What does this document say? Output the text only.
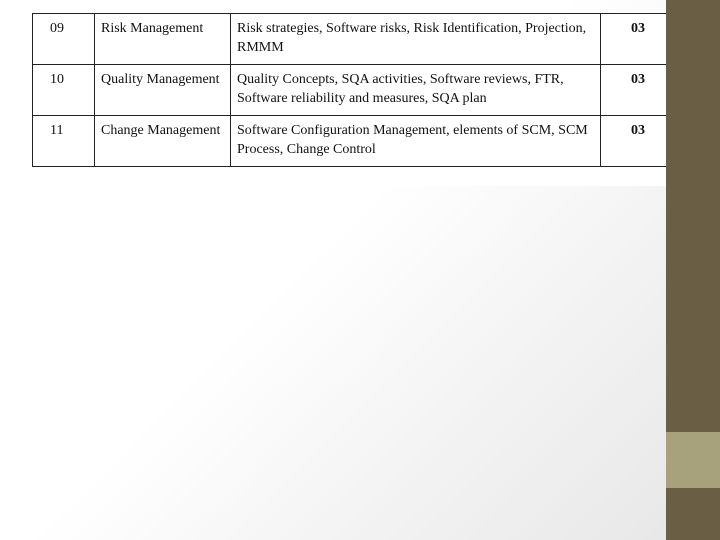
09	Risk Management	Risk strategies, Software risks, Risk Identification, Projection, RMMM	03
10	Quality Management	Quality Concepts, SQA activities, Software reviews, FTR, Software reliability and measures, SQA plan	03
11	Change Management	Software Configuration Management, elements of SCM, SCM Process, Change Control	03
